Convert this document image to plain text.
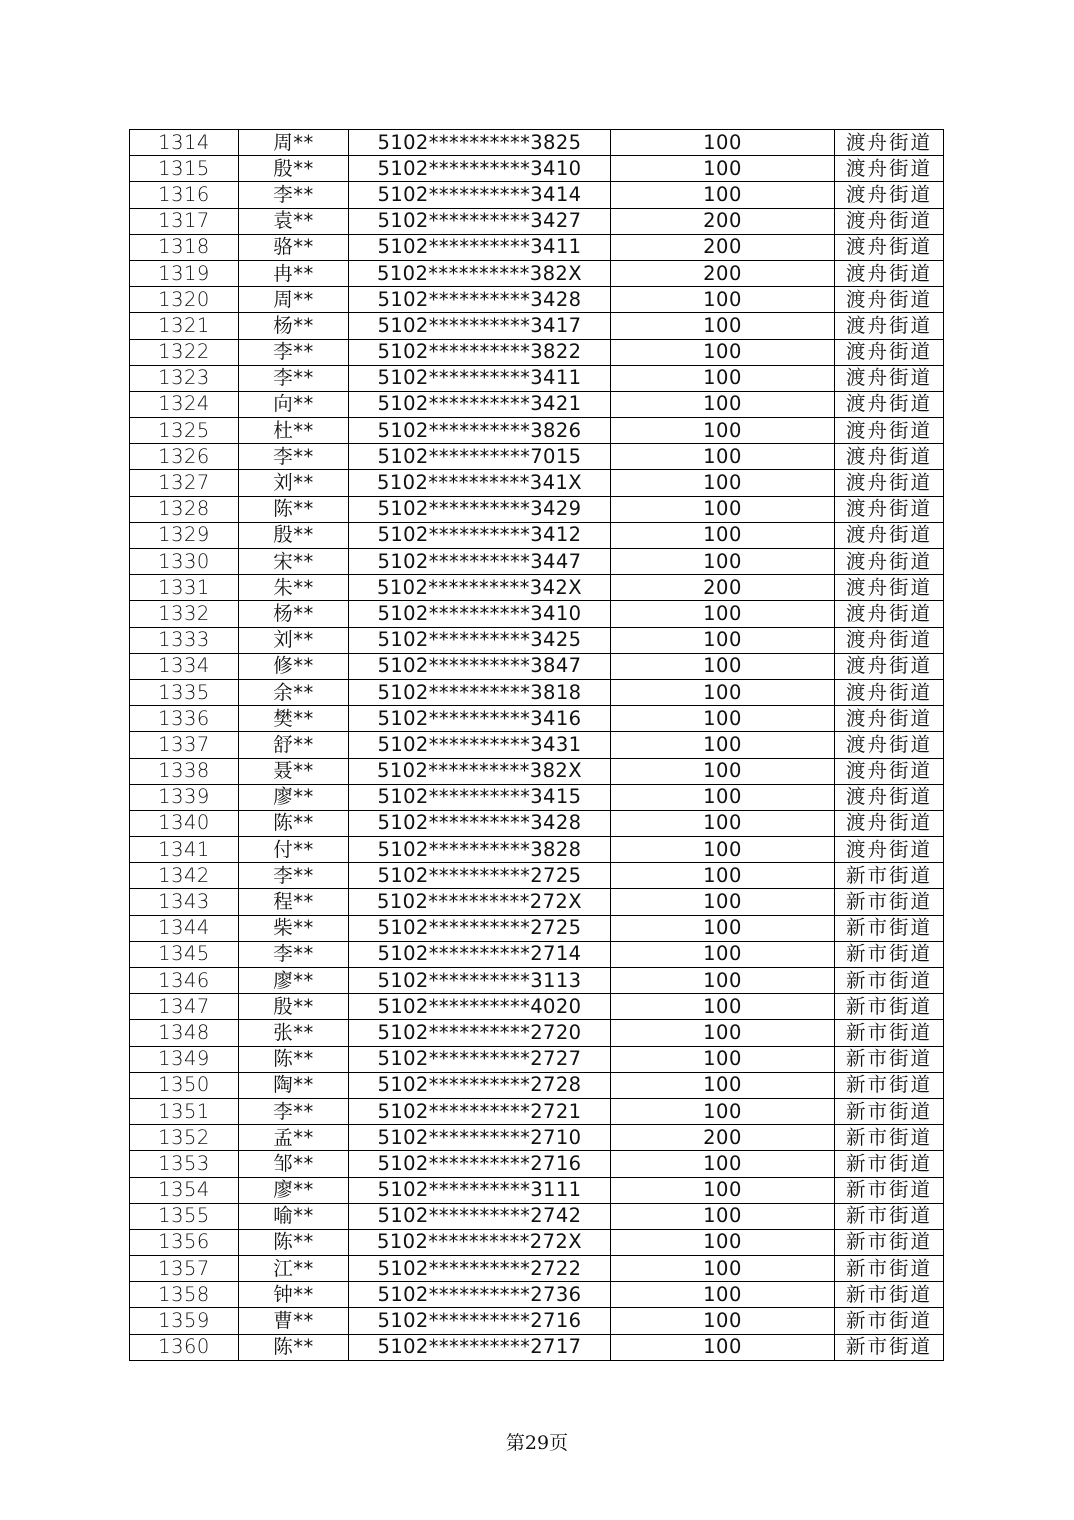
1314	周**	5102**********3825	100	渡舟街道
1315	殷**	5102**********3410	100	渡舟街道
1316	李**	5102**********3414	100	渡舟街道
1317	袁**	5102**********3427	200	渡舟街道
1318	骆**	5102**********3411	200	渡舟街道
1319	冉**	5102**********382X	200	渡舟街道
1320	周**	5102**********3428	100	渡舟街道
1321	杨**	5102**********3417	100	渡舟街道
1322	李**	5102**********3822	100	渡舟街道
1323	李**	5102**********3411	100	渡舟街道
1324	向**	5102**********3421	100	渡舟街道
1325	杜**	5102**********3826	100	渡舟街道
1326	李**	5102**********7015	100	渡舟街道
1327	刘**	5102**********341X	100	渡舟街道
1328	陈**	5102**********3429	100	渡舟街道
1329	殷**	5102**********3412	100	渡舟街道
1330	宋**	5102**********3447	100	渡舟街道
1331	朱**	5102**********342X	200	渡舟街道
1332	杨**	5102**********3410	100	渡舟街道
1333	刘**	5102**********3425	100	渡舟街道
1334	修**	5102**********3847	100	渡舟街道
1335	余**	5102**********3818	100	渡舟街道
1336	樊**	5102**********3416	100	渡舟街道
1337	舒**	5102**********3431	100	渡舟街道
1338	聂**	5102**********382X	100	渡舟街道
1339	廖**	5102**********3415	100	渡舟街道
1340	陈**	5102**********3428	100	渡舟街道
1341	付**	5102**********3828	100	渡舟街道
1342	李**	5102**********2725	100	新市街道
1343	程**	5102**********272X	100	新市街道
1344	柴**	5102**********2725	100	新市街道
1345	李**	5102**********2714	100	新市街道
1346	廖**	5102**********3113	100	新市街道
1347	殷**	5102**********4020	100	新市街道
1348	张**	5102**********2720	100	新市街道
1349	陈**	5102**********2727	100	新市街道
1350	陶**	5102**********2728	100	新市街道
1351	李**	5102**********2721	100	新市街道
1352	孟**	5102**********2710	200	新市街道
1353	邹**	5102**********2716	100	新市街道
1354	廖**	5102**********3111	100	新市街道
1355	喻**	5102**********2742	100	新市街道
1356	陈**	5102**********272X	100	新市街道
1357	江**	5102**********2722	100	新市街道
1358	钟**	5102**********2736	100	新市街道
1359	曹**	5102**********2716	100	新市街道
1360	陈**	5102**********2717	100	新市街道
第29页
